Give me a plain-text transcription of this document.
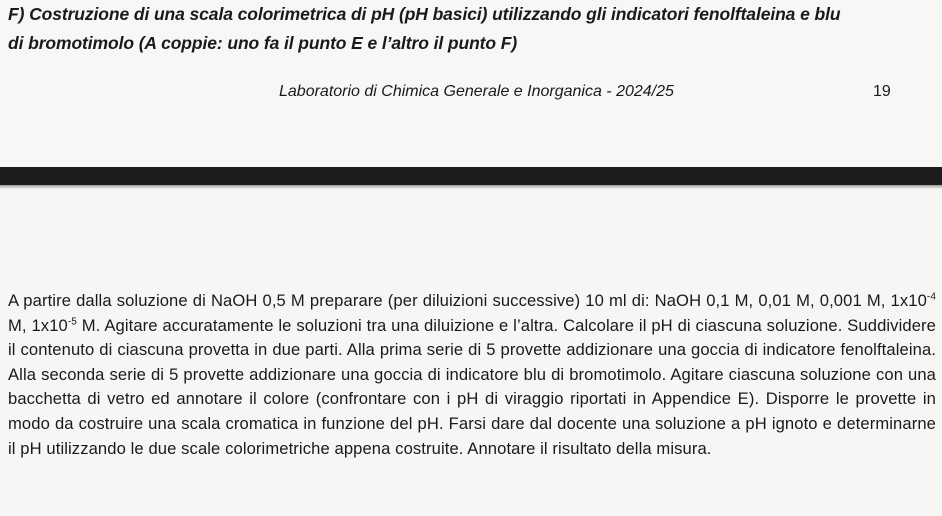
F) Costruzione di una scala colorimetrica di pH (pH basici) utilizzando gli indicatori fenolftaleina e blu
di bromotimolo (A coppie: uno fa il punto E e l’altro il punto F)
Laboratorio di Chimica Generale e Inorganica - 2024/25	19
A partire dalla soluzione di NaOH 0,5 M preparare (per diluizioni successive) 10 ml di: NaOH 0,1 M, 0,01 M, 0,001 M, $1x10^{-4}$ M, $1x10^{-5}$ M. Agitare accuratamente le soluzioni tra una diluizione e l’altra. Calcolare il pH di ciascuna soluzione. Suddividere il contenuto di ciascuna provetta in due parti. Alla prima serie di 5 provette addizionare una goccia di indicatore fenolftaleina. Alla seconda serie di 5 provette addizionare una goccia di indicatore blu di bromotimolo. Agitare ciascuna soluzione con una bacchetta di vetro ed annotare il colore (confrontare con i pH di viraggio riportati in Appendice E). Disporre le provette in modo da costruire una scala cromatica in funzione del pH. Farsi dare dal docente una soluzione a pH ignoto e determinarne il pH utilizzando le due scale colorimetriche appena costruite. Annotare il risultato della misura.
